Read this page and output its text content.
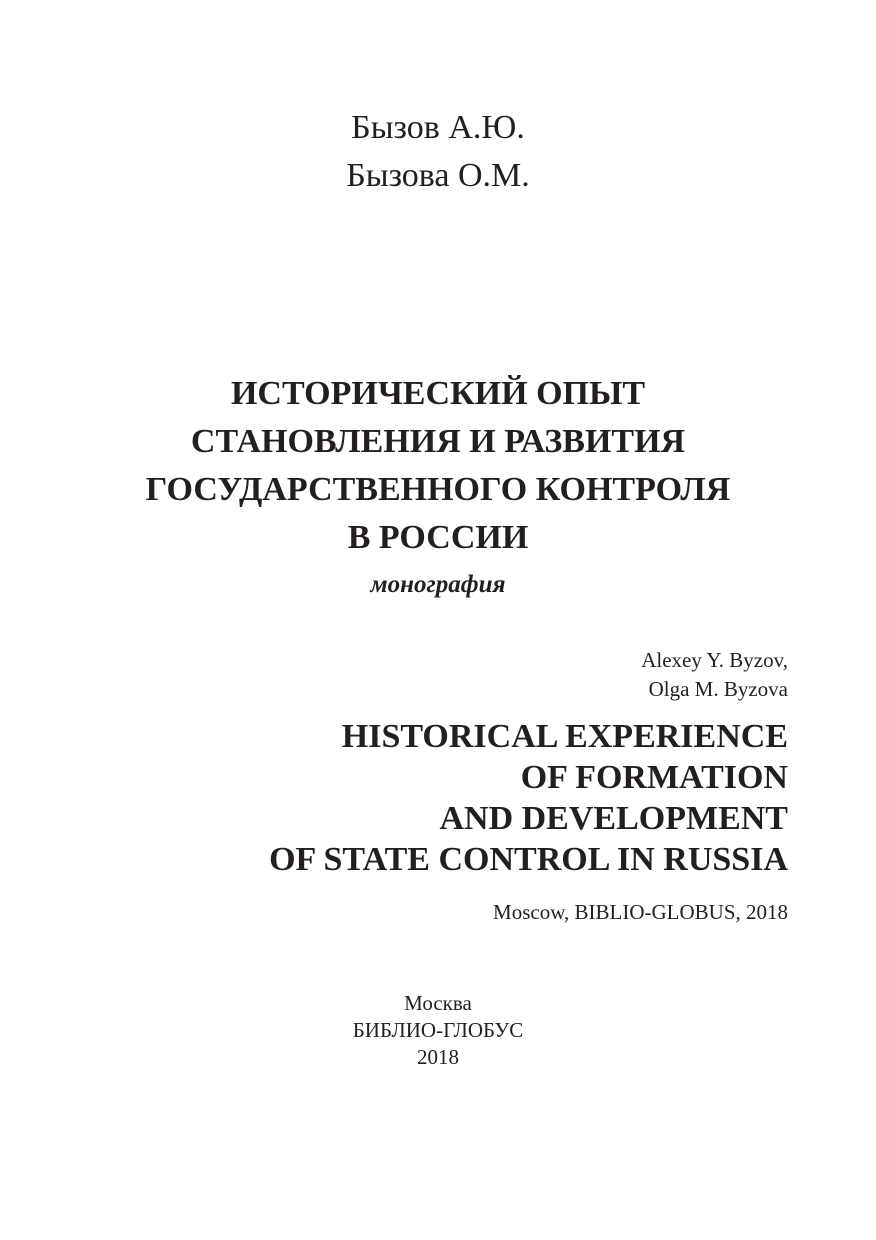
Бызов А.Ю.
Бызова О.М.
ИСТОРИЧЕСКИЙ ОПЫТ
СТАНОВЛЕНИЯ И РАЗВИТИЯ
ГОСУДАРСТВЕННОГО КОНТРОЛЯ
В РОССИИ
монография
Alexey Y. Byzov,
Olga M. Byzova
HISTORICAL EXPERIENCE
OF FORMATION
AND DEVELOPMENT
OF STATE CONTROL IN RUSSIA
Moscow, BIBLIO-GLOBUS, 2018
Москва
БИБЛИО-ГЛОБУС
2018
